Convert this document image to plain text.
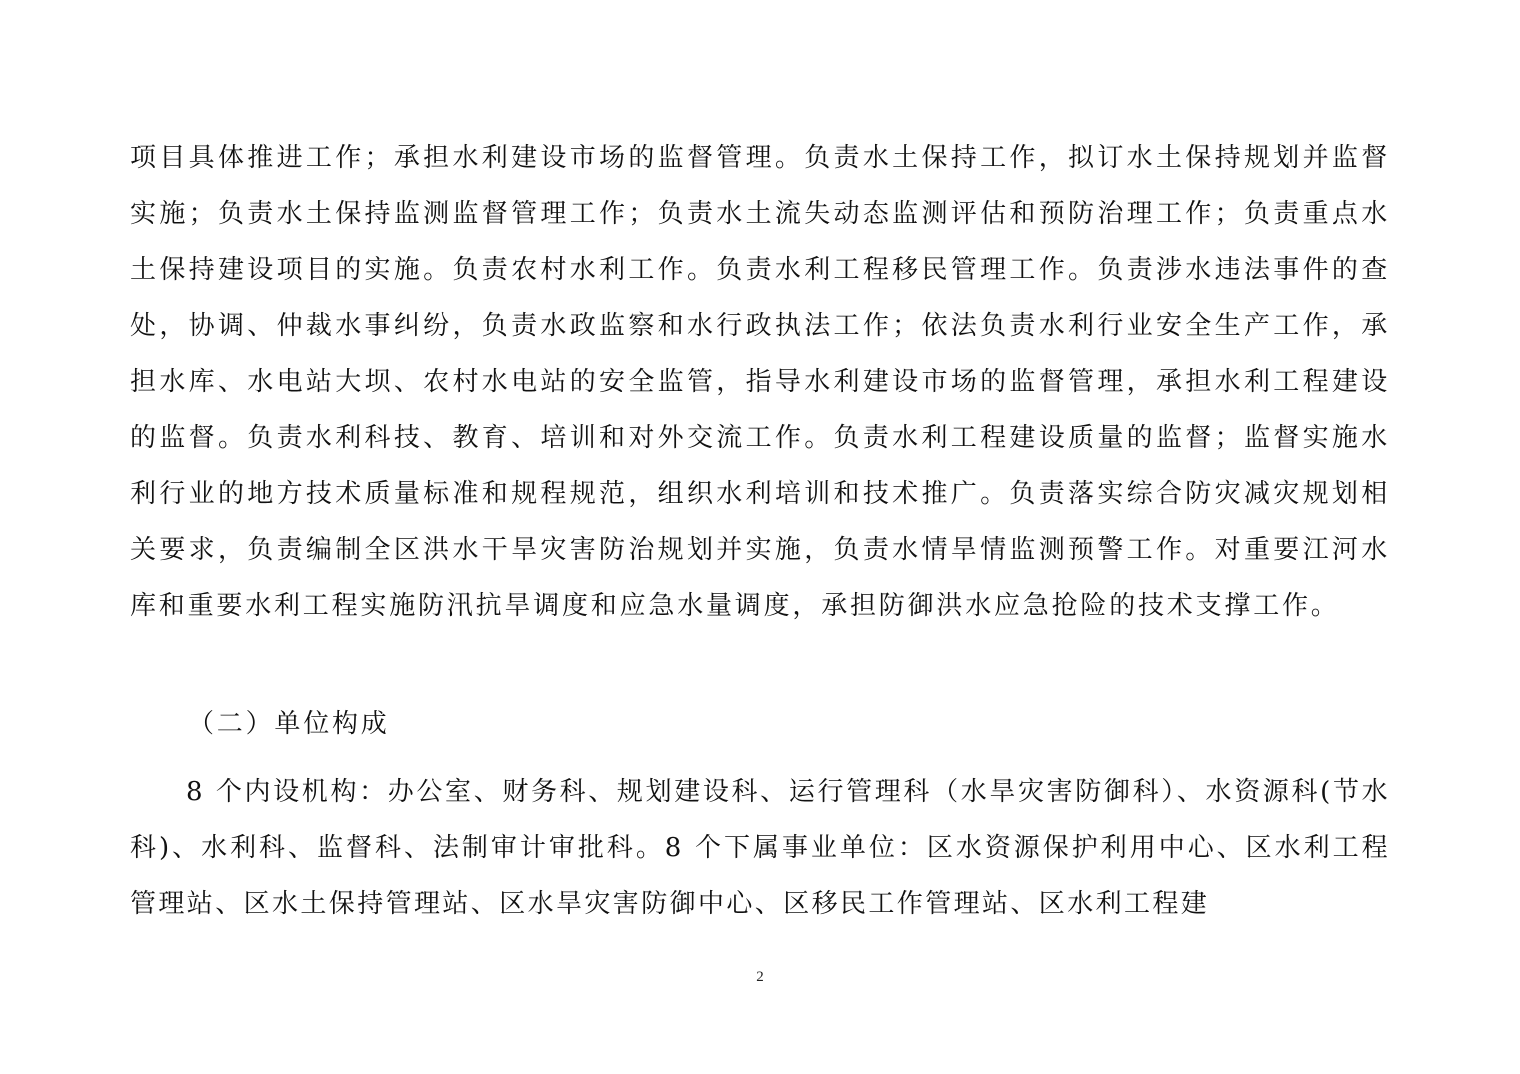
项目具体推进工作；承担水利建设市场的监督管理。负责水土保持工作，拟订水土保持规划并监督实施；负责水土保持监测监督管理工作；负责水土流失动态监测评估和预防治理工作；负责重点水土保持建设项目的实施。负责农村水利工作。负责水利工程移民管理工作。负责涉水违法事件的查处，协调、仲裁水事纠纷，负责水政监察和水行政执法工作；依法负责水利行业安全生产工作，承担水库、水电站大坝、农村水电站的安全监管，指导水利建设市场的监督管理，承担水利工程建设的监督。负责水利科技、教育、培训和对外交流工作。负责水利工程建设质量的监督；监督实施水利行业的地方技术质量标准和规程规范，组织水利培训和技术推广。负责落实综合防灾减灾规划相关要求，负责编制全区洪水干旱灾害防治规划并实施，负责水情旱情监测预警工作。对重要江河水库和重要水利工程实施防汛抗旱调度和应急水量调度，承担防御洪水应急抢险的技术支撑工作。

（二）单位构成

8 个内设机构：办公室、财务科、规划建设科、运行管理科（水旱灾害防御科）、水资源科(节水科)、水利科、监督科、法制审计审批科。8 个下属事业单位：区水资源保护利用中心、区水利工程管理站、区水土保持管理站、区水旱灾害防御中心、区移民工作管理站、区水利工程建

2
